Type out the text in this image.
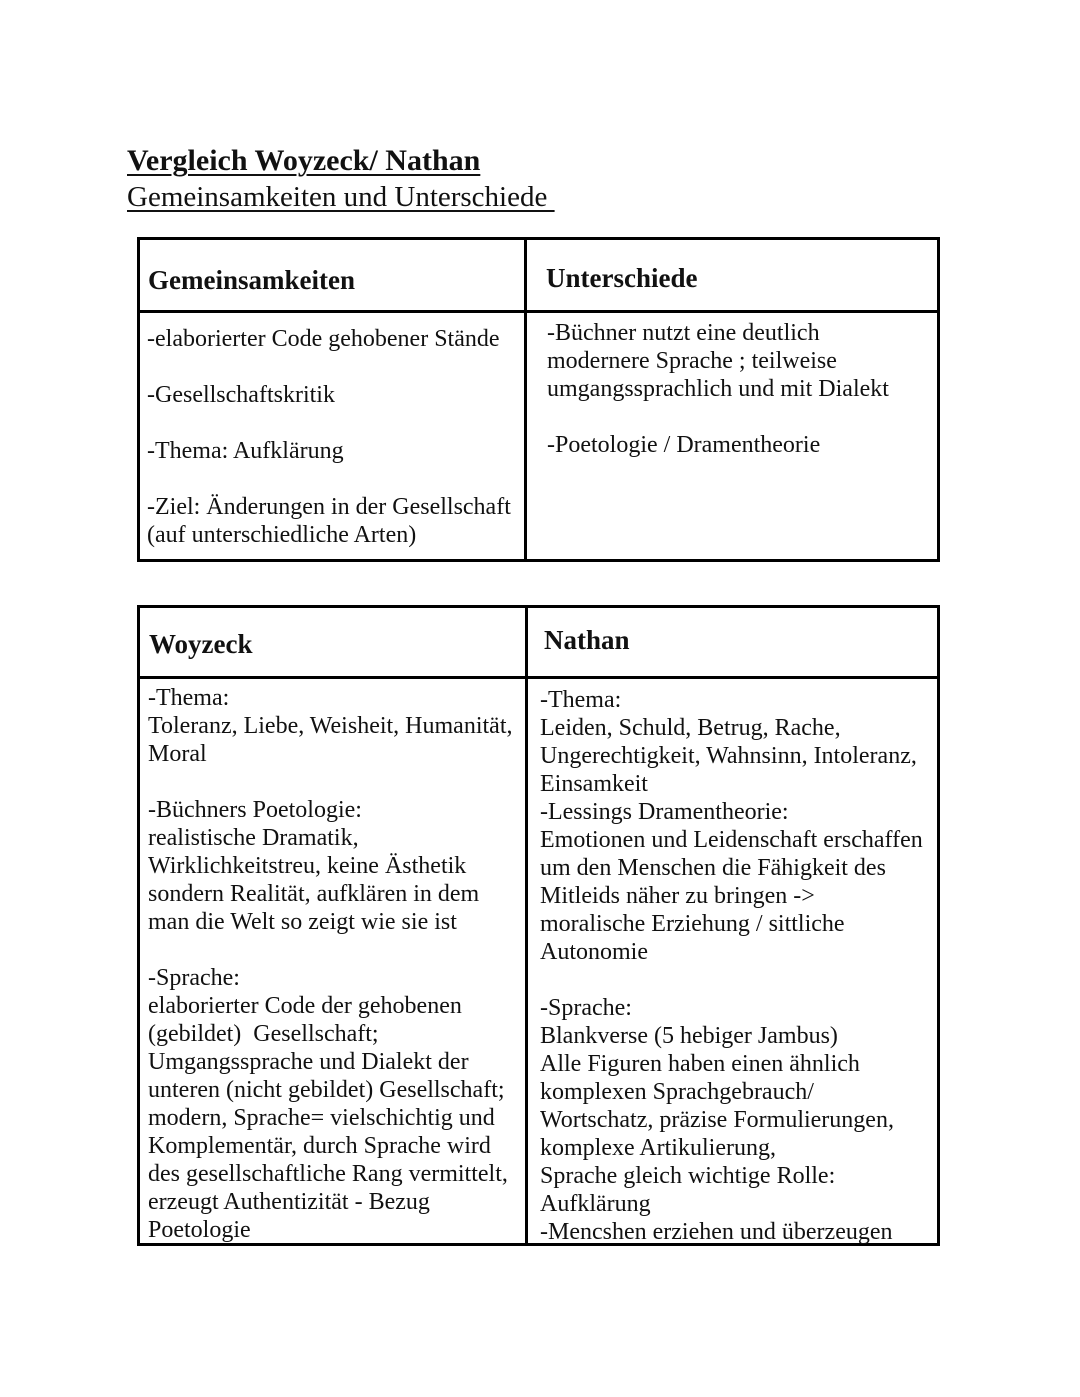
Vergleich Woyzeck/ Nathan
Gemeinsamkeiten und Unterschiede
Gemeinsamkeiten	Unterschiede

-elaborierter Code gehobener Stände

-Gesellschaftskritik

-Thema: Aufklärung

-Ziel: Änderungen in der Gesellschaft
(auf unterschiedliche Arten)

-Büchner nutzt eine deutlich
modernere Sprache ; teilweise
umgangssprachlich und mit Dialekt

-Poetologie / Dramentheorie

Woyzeck	Nathan

-Thema:
Toleranz, Liebe, Weisheit, Humanität,
Moral

-Büchners Poetologie:
realistische Dramatik,
Wirklichkeitstreu, keine Ästhetik
sondern Realität, aufklären in dem
man die Welt so zeigt wie sie ist

-Sprache:
elaborierter Code der gehobenen
(gebildet)  Gesellschaft;
Umgangssprache und Dialekt der
unteren (nicht gebildet) Gesellschaft;
modern, Sprache= vielschichtig und
Komplementär, durch Sprache wird
des gesellschaftliche Rang vermittelt,
erzeugt Authentizität - Bezug
Poetologie

-Thema:
Leiden, Schuld, Betrug, Rache,
Ungerechtigkeit, Wahnsinn, Intoleranz,
Einsamkeit
-Lessings Dramentheorie:
Emotionen und Leidenschaft erschaffen
um den Menschen die Fähigkeit des
Mitleids näher zu bringen ->
moralische Erziehung / sittliche
Autonomie

-Sprache:
Blankverse (5 hebiger Jambus)
Alle Figuren haben einen ähnlich
komplexen Sprachgebrauch/
Wortschatz, präzise Formulierungen,
komplexe Artikulierung,
Sprache gleich wichtige Rolle:
Aufklärung
-Mencshen erziehen und überzeugen
